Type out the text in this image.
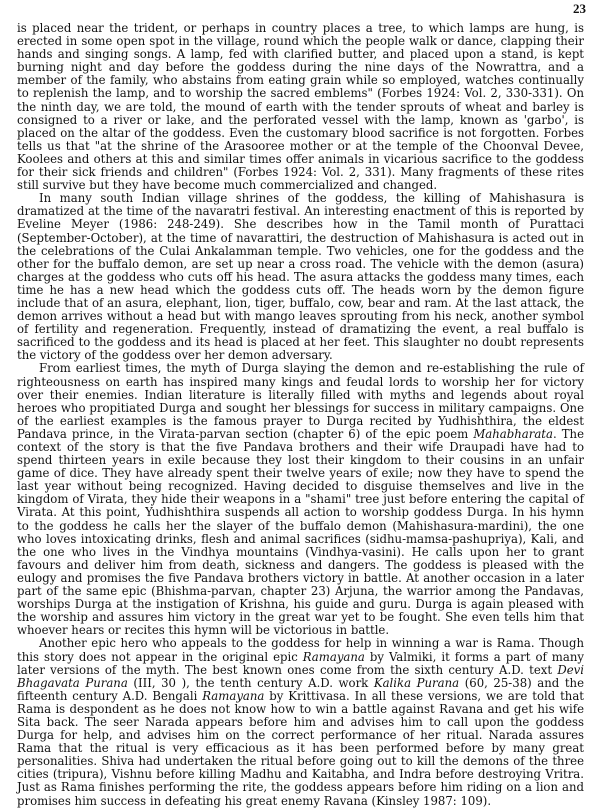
23

is placed near the trident, or perhaps in country places a tree, to which lamps are hung, is erected in some open spot in the village, round which the people walk or dance, clapping their hands and singing songs. A lamp, fed with clarified butter, and placed upon a stand, is kept burning night and day before the goddess during the nine days of the Nowrattra, and a member of the family, who abstains from eating grain while so employed, watches continually to replenish the lamp, and to worship the sacred emblems" (Forbes 1924: Vol. 2, 330-331). On the ninth day, we are told, the mound of earth with the tender sprouts of wheat and barley is consigned to a river or lake, and the perforated vessel with the lamp, known as 'garbo', is placed on the altar of the goddess. Even the customary blood sacrifice is not forgotten. Forbes tells us that "at the shrine of the Arasooree mother or at the temple of the Choonval Devee, Koolees and others at this and similar times offer animals in vicarious sacrifice to the goddess for their sick friends and children" (Forbes 1924: Vol. 2, 331). Many fragments of these rites still survive but they have become much commercialized and changed.

In many south Indian village shrines of the goddess, the killing of Mahishasura is dramatized at the time of the navaratri festival. An interesting enactment of this is reported by Eveline Meyer (1986: 248-249). She describes how in the Tamil month of Purattaci (September-October), at the time of navarattiri, the destruction of Mahishasura is acted out in the celebrations of the Culai Ankalamman temple. Two vehicles, one for the goddess and the other for the buffalo demon, are set up near a cross road. The vehicle with the demon (asura) charges at the goddess who cuts off his head. The asura attacks the goddess many times, each time he has a new head which the goddess cuts off. The heads worn by the demon figure include that of an asura, elephant, lion, tiger, buffalo, cow, bear and ram. At the last attack, the demon arrives without a head but with mango leaves sprouting from his neck, another symbol of fertility and regeneration. Frequently, instead of dramatizing the event, a real buffalo is sacrificed to the goddess and its head is placed at her feet. This slaughter no doubt represents the victory of the goddess over her demon adversary.

From earliest times, the myth of Durga slaying the demon and re-establishing the rule of righteousness on earth has inspired many kings and feudal lords to worship her for victory over their enemies. Indian literature is literally filled with myths and legends about royal heroes who propitiated Durga and sought her blessings for success in military campaigns. One of the earliest examples is the famous prayer to Durga recited by Yudhishthira, the eldest Pandava prince, in the Virata-parvan section (chapter 6) of the epic poem Mahabharata. The context of the story is that the five Pandava brothers and their wife Draupadi have had to spend thirteen years in exile because they lost their kingdom to their cousins in an unfair game of dice. They have already spent their twelve years of exile; now they have to spend the last year without being recognized. Having decided to disguise themselves and live in the kingdom of Virata, they hide their weapons in a "shami" tree just before entering the capital of Virata. At this point, Yudhishthira suspends all action to worship goddess Durga. In his hymn to the goddess he calls her the slayer of the buffalo demon (Mahishasura-mardini), the one who loves intoxicating drinks, flesh and animal sacrifices (sidhu-mamsa-pashupriya), Kali, and the one who lives in the Vindhya mountains (Vindhya-vasini). He calls upon her to grant favours and deliver him from death, sickness and dangers. The goddess is pleased with the eulogy and promises the five Pandava brothers victory in battle. At another occasion in a later part of the same epic (Bhishma-parvan, chapter 23) Arjuna, the warrior among the Pandavas, worships Durga at the instigation of Krishna, his guide and guru. Durga is again pleased with the worship and assures him victory in the great war yet to be fought. She even tells him that whoever hears or recites this hymn will be victorious in battle.

Another epic hero who appeals to the goddess for help in winning a war is Rama. Though this story does not appear in the original epic Ramayana by Valmiki, it forms a part of many later versions of the myth. The best known ones come from the sixth century A.D. text Devi Bhagavata Purana (III, 30 ), the tenth century A.D. work Kalika Purana (60, 25-38) and the fifteenth century A.D. Bengali Ramayana by Krittivasa. In all these versions, we are told that Rama is despondent as he does not know how to win a battle against Ravana and get his wife Sita back. The seer Narada appears before him and advises him to call upon the goddess Durga for help, and advises him on the correct performance of her ritual. Narada assures Rama that the ritual is very efficacious as it has been performed before by many great personalities. Shiva had undertaken the ritual before going out to kill the demons of the three cities (tripura), Vishnu before killing Madhu and Kaitabha, and Indra before destroying Vritra. Just as Rama finishes performing the rite, the goddess appears before him riding on a lion and promises him success in defeating his great enemy Ravana (Kinsley 1987: 109).
